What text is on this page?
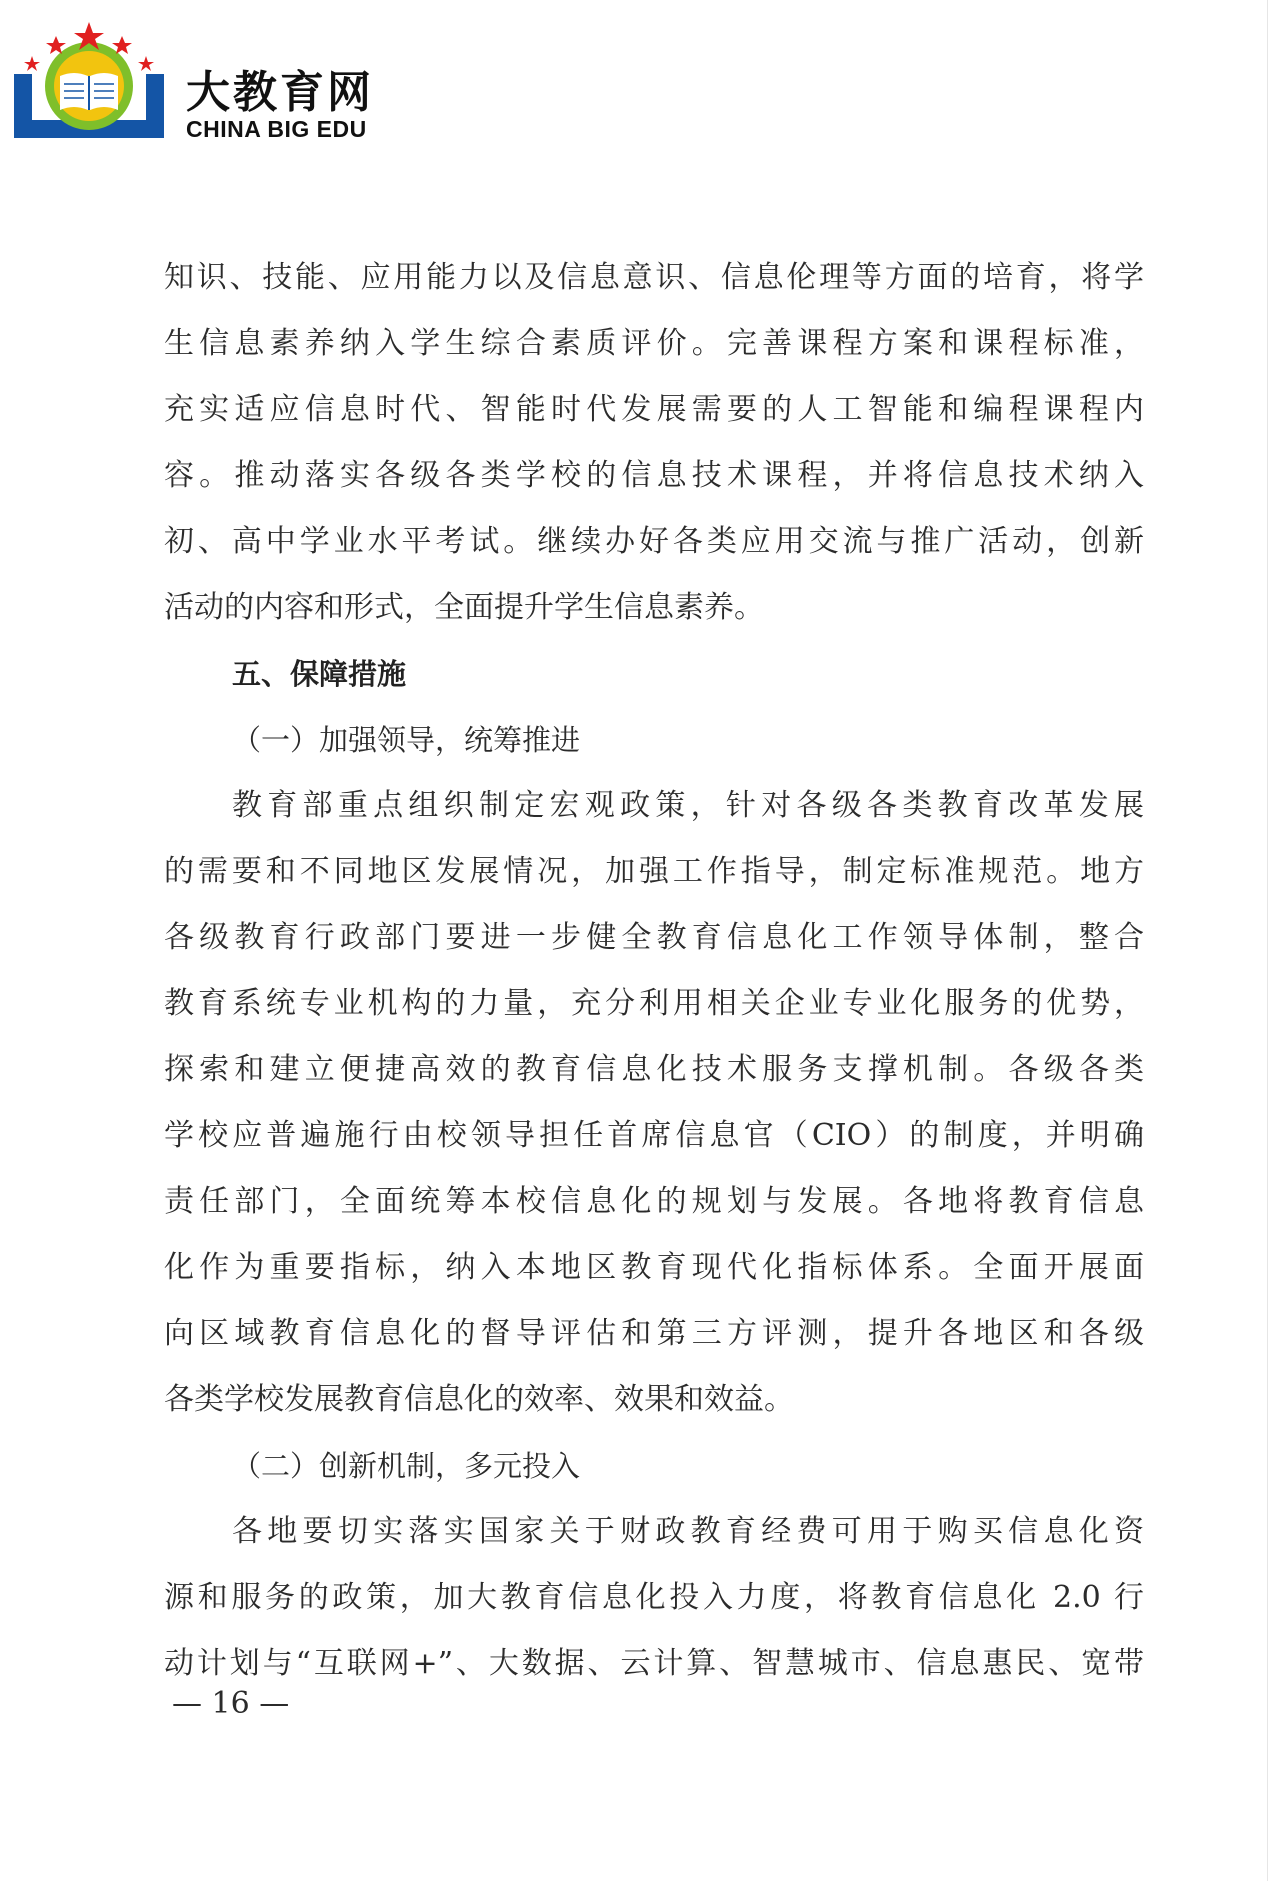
大教育网
CHINA BIG EDU
知识、技能、应用能力以及信息意识、信息伦理等方面的培育，将学
生信息素养纳入学生综合素质评价。完善课程方案和课程标准，
充实适应信息时代、智能时代发展需要的人工智能和编程课程内
容。推动落实各级各类学校的信息技术课程，并将信息技术纳入
初、高中学业水平考试。继续办好各类应用交流与推广活动，创新
活动的内容和形式，全面提升学生信息素养。
五、保障措施
（一）加强领导，统筹推进
教育部重点组织制定宏观政策，针对各级各类教育改革发展
的需要和不同地区发展情况，加强工作指导，制定标准规范。地方
各级教育行政部门要进一步健全教育信息化工作领导体制，整合
教育系统专业机构的力量，充分利用相关企业专业化服务的优势，
探索和建立便捷高效的教育信息化技术服务支撑机制。各级各类
学校应普遍施行由校领导担任首席信息官（CIO）的制度，并明确
责任部门，全面统筹本校信息化的规划与发展。各地将教育信息
化作为重要指标，纳入本地区教育现代化指标体系。全面开展面
向区域教育信息化的督导评估和第三方评测，提升各地区和各级
各类学校发展教育信息化的效率、效果和效益。
（二）创新机制，多元投入
各地要切实落实国家关于财政教育经费可用于购买信息化资
源和服务的政策，加大教育信息化投入力度，将教育信息化 2.0 行
动计划与“互联网+”、大数据、云计算、智慧城市、信息惠民、宽带
— 16 —
